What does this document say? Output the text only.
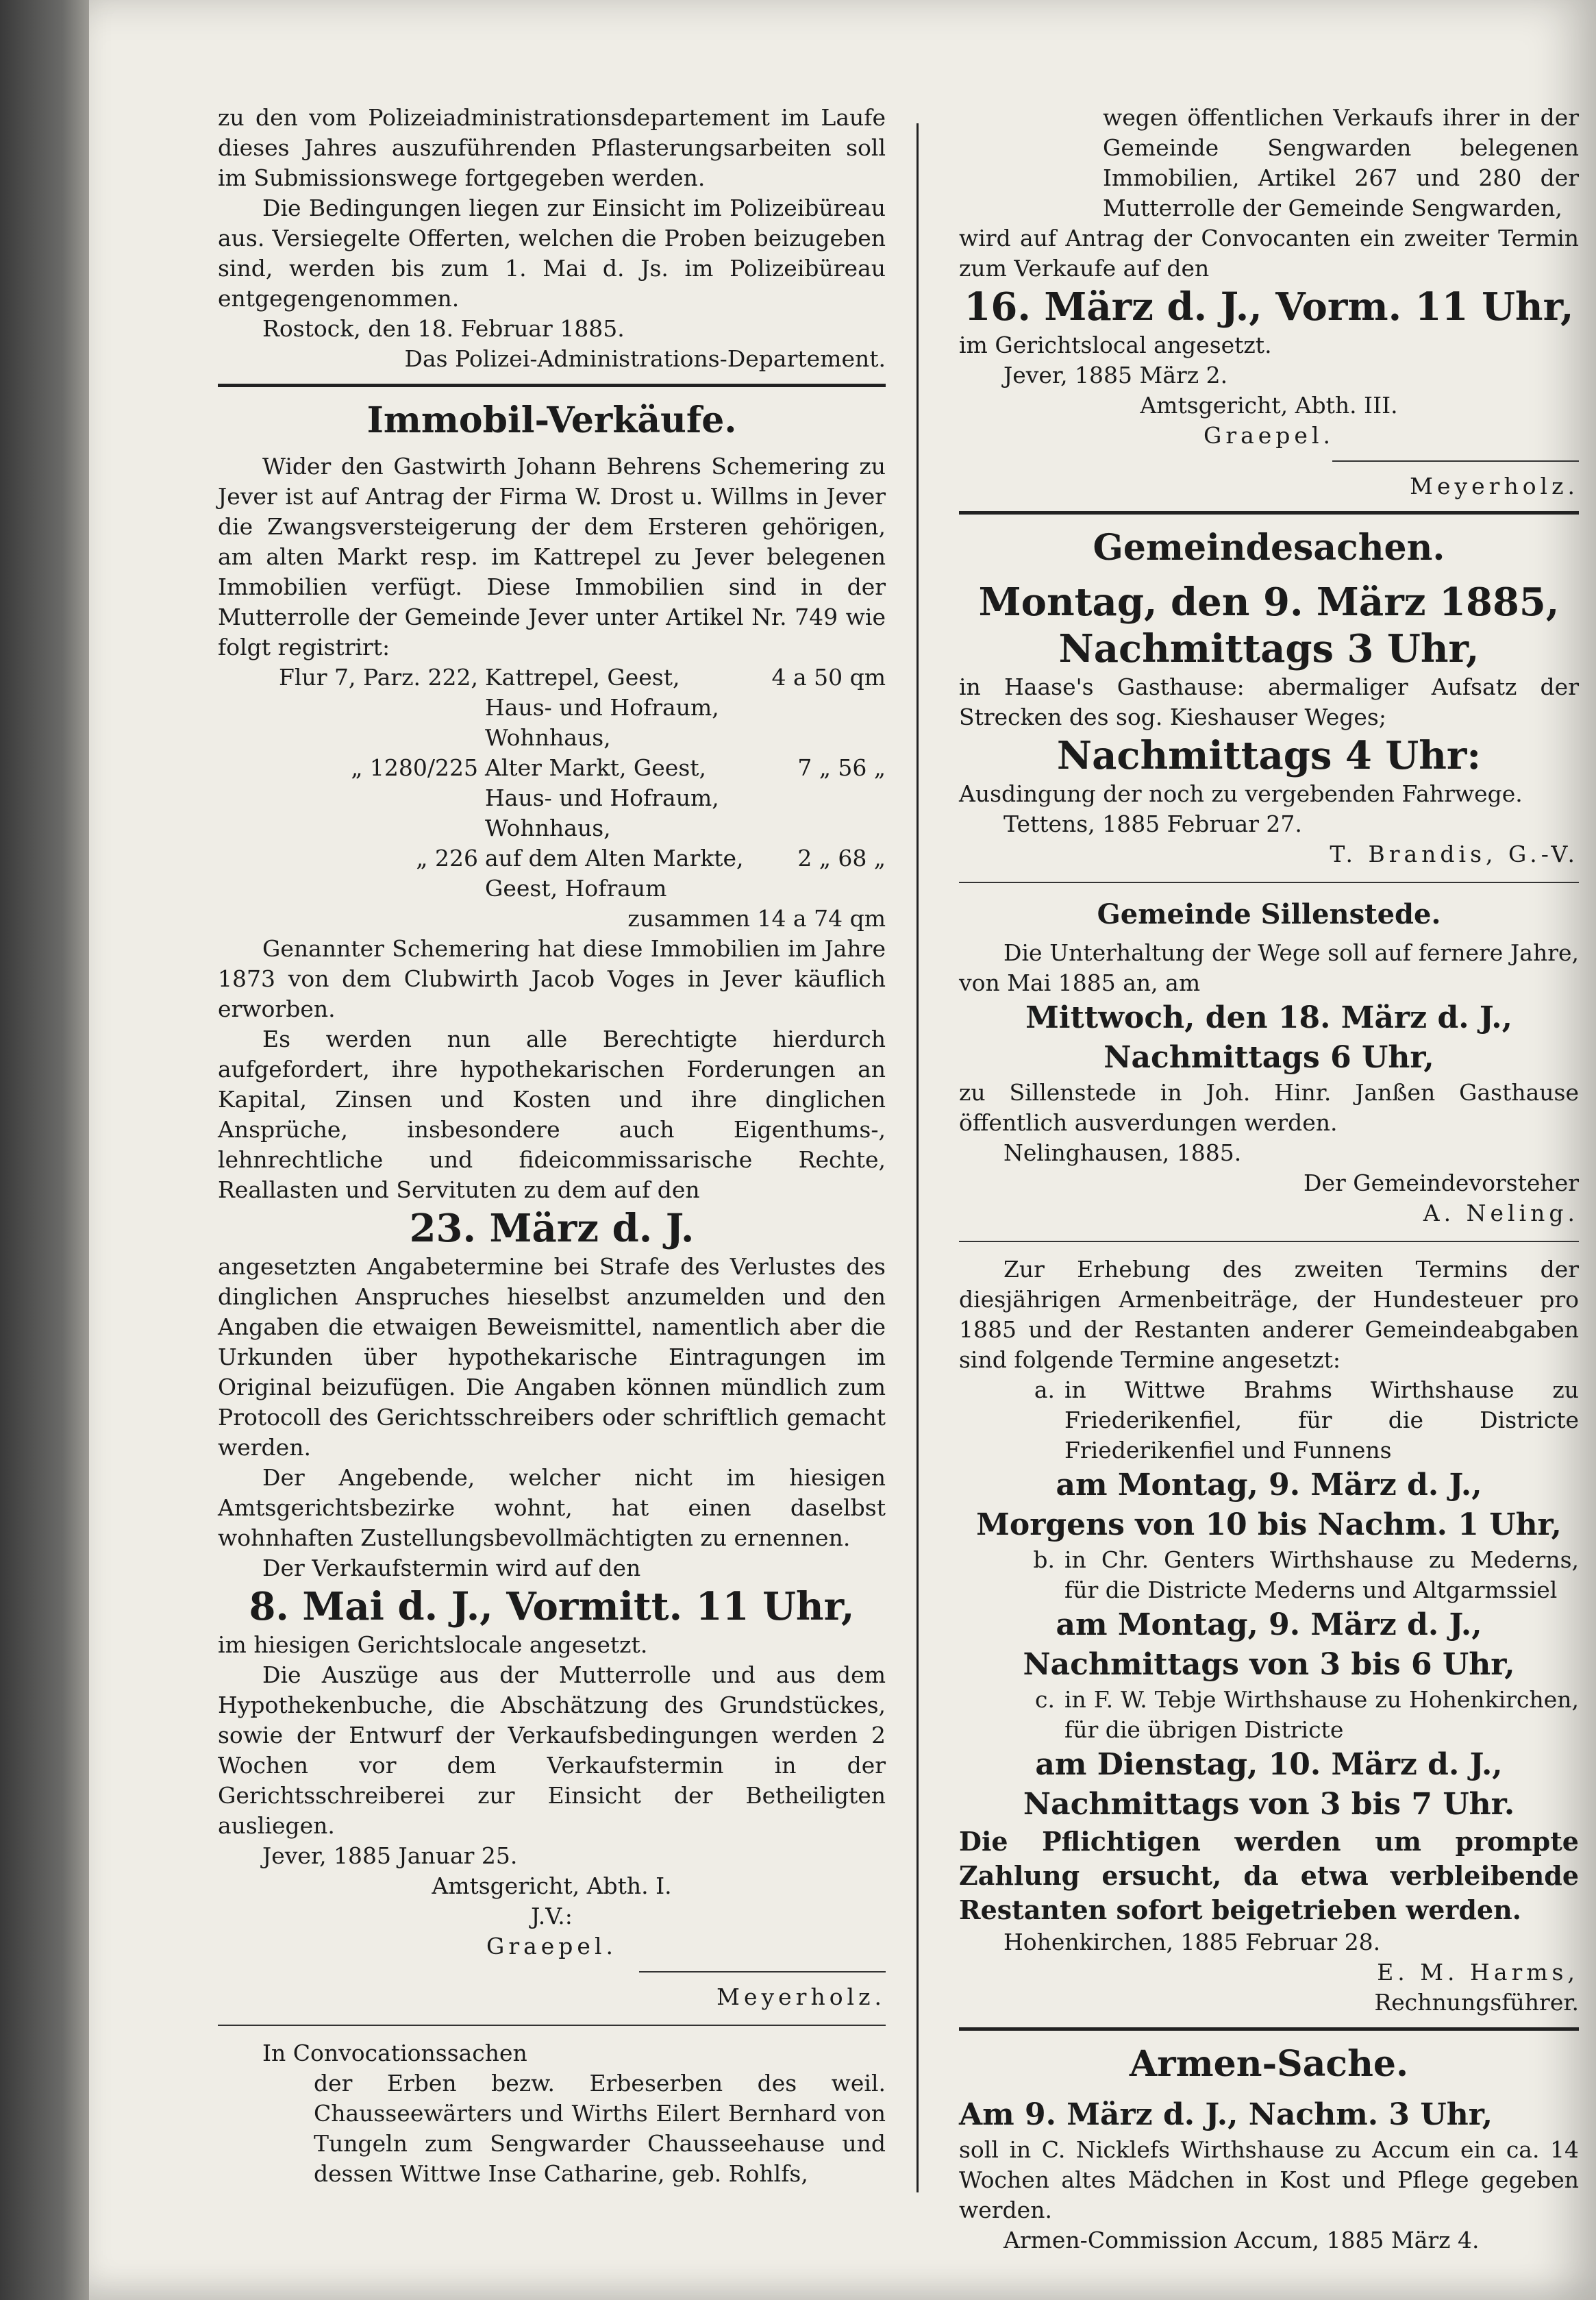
zu den vom Polizeiadministrationsdepartement im Laufe dieses Jahres auszuführenden Pflasterungsarbeiten soll im Submissionswege fortgegeben werden.

Die Bedingungen liegen zur Einsicht im Polizeibüreau aus. Versiegelte Offerten, welchen die Proben beizugeben sind, werden bis zum 1. Mai d. Js. im Polizeibüreau entgegengenommen.

Rostock, den 18. Februar 1885.

Das Polizei-Administrations-Departement.

Immobil-Verkäufe.

Wider den Gastwirth Johann Behrens Schemering zu Jever ist auf Antrag der Firma W. Drost u. Willms in Jever die Zwangsversteigerung der dem Ersteren gehörigen, am alten Markt resp. im Kattrepel zu Jever belegenen Immobilien verfügt. Diese Immobilien sind in der Mutterrolle der Gemeinde Jever unter Artikel Nr. 749 wie folgt registrirt:

Flur 7, Parz. 222, Kattrepel, Geest, Haus- und Hofraum, Wohnhaus,
4 a 50 qm
„ 1280/225 Alter Markt, Geest, Haus- und Hofraum, Wohnhaus,
7 „ 56 „
„ 226 auf dem Alten Markte, Geest, Hofraum
2 „ 68 „

zusammen 14 a 74 qm

Genannter Schemering hat diese Immobilien im Jahre 1873 von dem Clubwirth Jacob Voges in Jever käuflich erworben.

Es werden nun alle Berechtigte hierdurch aufgefordert, ihre hypothekarischen Forderungen an Kapital, Zinsen und Kosten und ihre dinglichen Ansprüche, insbesondere auch Eigenthums-, lehnrechtliche und fideicommissarische Rechte, Reallasten und Servituten zu dem auf den

23. März d. J.

angesetzten Angabetermine bei Strafe des Verlustes des dinglichen Anspruches hieselbst anzumelden und den Angaben die etwaigen Beweismittel, namentlich aber die Urkunden über hypothekarische Eintragungen im Original beizufügen. Die Angaben können mündlich zum Protocoll des Gerichtsschreibers oder schriftlich gemacht werden.

Der Angebende, welcher nicht im hiesigen Amtsgerichtsbezirke wohnt, hat einen daselbst wohnhaften Zustellungsbevollmächtigten zu ernennen.

Der Verkaufstermin wird auf den

8. Mai d. J., Vormitt. 11 Uhr,

im hiesigen Gerichtslocale angesetzt.

Die Auszüge aus der Mutterrolle und aus dem Hypothekenbuche, die Abschätzung des Grundstückes, sowie der Entwurf der Verkaufsbedingungen werden 2 Wochen vor dem Verkaufstermin in der Gerichtsschreiberei zur Einsicht der Betheiligten ausliegen.

Jever, 1885 Januar 25.

Amtsgericht, Abth. I.

J.V.:

Graepel.

Meyerholz.

In Convocationssachen

der Erben bezw. Erbeserben des weil. Chausseewärters und Wirths Eilert Bernhard von Tungeln zum Sengwarder Chausseehause und dessen Wittwe Inse Catharine, geb. Rohlfs,

wegen öffentlichen Verkaufs ihrer in der Gemeinde Sengwarden belegenen Immobilien, Artikel 267 und 280 der Mutterrolle der Gemeinde Sengwarden,

wird auf Antrag der Convocanten ein zweiter Termin zum Verkaufe auf den

16. März d. J., Vorm. 11 Uhr,

im Gerichtslocal angesetzt.

Jever, 1885 März 2.

Amtsgericht, Abth. III.

Graepel.

Meyerholz.

Gemeindesachen.
Montag, den 9. März 1885,
Nachmittags 3 Uhr,

in Haase's Gasthause: abermaliger Aufsatz der Strecken des sog. Kieshauser Weges;

Nachmittags 4 Uhr:

Ausdingung der noch zu vergebenden Fahrwege.

Tettens, 1885 Februar 27.

T. Brandis, G.-V.

Gemeinde Sillenstede.

Die Unterhaltung der Wege soll auf fernere Jahre, von Mai 1885 an, am

Mittwoch, den 18. März d. J.,
Nachmittags 6 Uhr,

zu Sillenstede in Joh. Hinr. Janßen Gasthause öffentlich ausverdungen werden.

Nelinghausen, 1885.

Der Gemeindevorsteher

A. Neling.

Zur Erhebung des zweiten Termins der diesjährigen Armenbeiträge, der Hundesteuer pro 1885 und der Restanten anderer Gemeindeabgaben sind folgende Termine angesetzt:

a. in Wittwe Brahms Wirthshause zu Friederikenfiel, für die Districte Friederikenfiel und Funnens
am Montag, 9. März d. J.,
Morgens von 10 bis Nachm. 1 Uhr,
b. in Chr. Genters Wirthshause zu Mederns, für die Districte Mederns und Altgarmssiel
am Montag, 9. März d. J.,
Nachmittags von 3 bis 6 Uhr,
c. in F. W. Tebje Wirthshause zu Hohenkirchen, für die übrigen Districte
am Dienstag, 10. März d. J.,
Nachmittags von 3 bis 7 Uhr.

Die Pflichtigen werden um prompte Zahlung ersucht, da etwa verbleibende Restanten sofort beigetrieben werden.

Hohenkirchen, 1885 Februar 28.

E. M. Harms,

Rechnungsführer.

Armen-Sache.
Am 9. März d. J., Nachm. 3 Uhr,

soll in C. Nicklefs Wirthshause zu Accum ein ca. 14 Wochen altes Mädchen in Kost und Pflege gegeben werden.

Armen-Commission Accum, 1885 März 4.
